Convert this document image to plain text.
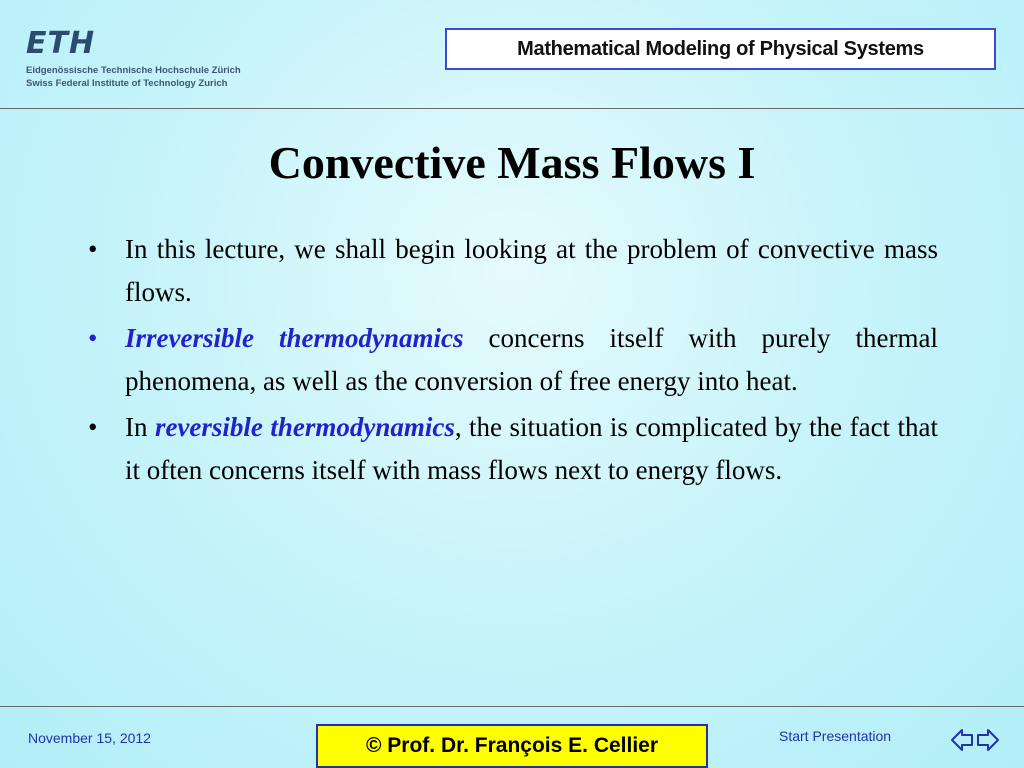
ETH
Eidgenössische Technische Hochschule Zürich
Swiss Federal Institute of Technology Zurich
Mathematical Modeling of Physical Systems
Convective Mass Flows I
• In this lecture, we shall begin looking at the problem of convective mass flows.
• Irreversible thermodynamics concerns itself with purely thermal phenomena, as well as the conversion of free energy into heat.
• In reversible thermodynamics, the situation is complicated by the fact that it often concerns itself with mass flows next to energy flows.
November 15, 2012	© Prof. Dr. François E. Cellier	Start Presentation
